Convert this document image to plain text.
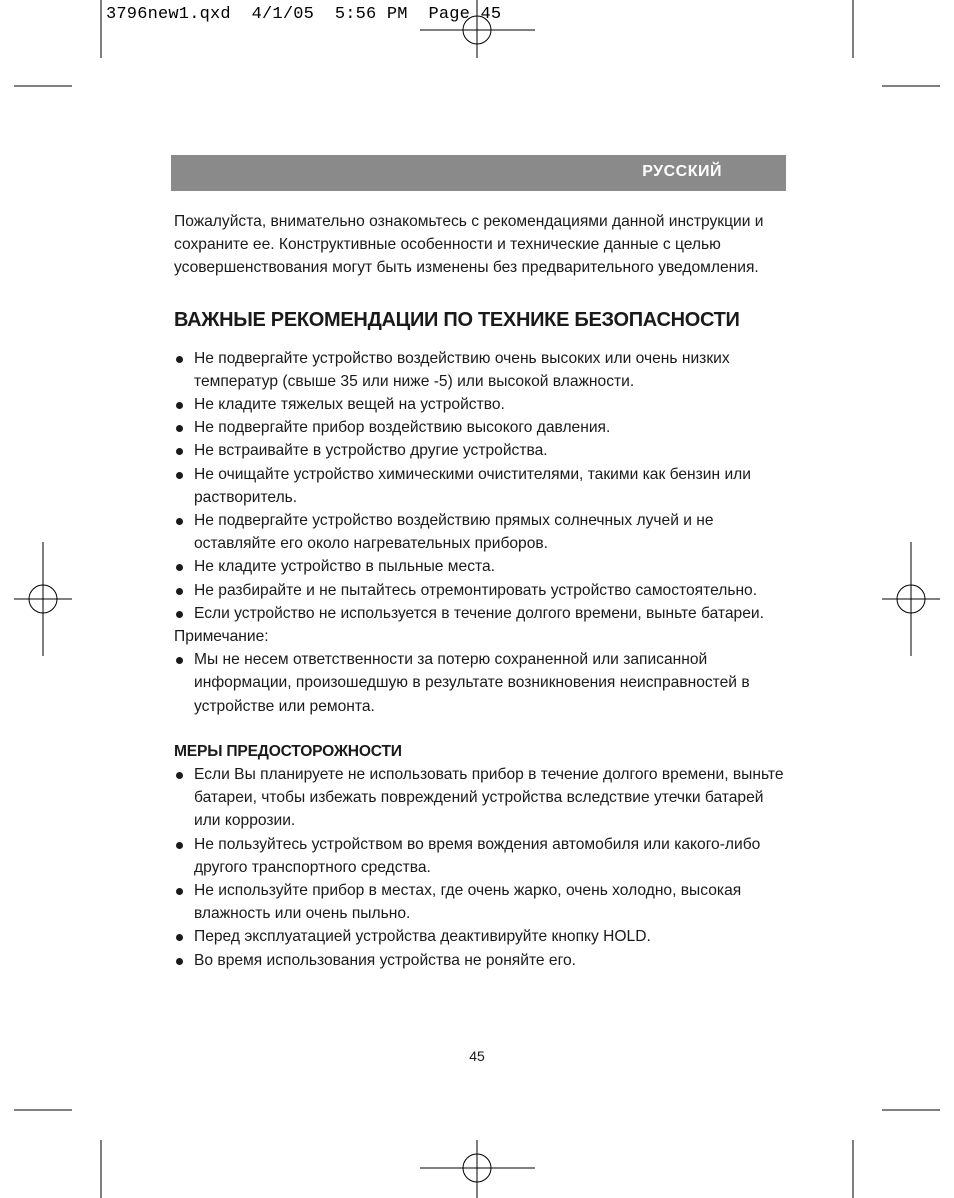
3796new1.qxd  4/1/05  5:56 PM  Page 45
РУССКИЙ

Пожалуйста, внимательно ознакомьтесь с рекомендациями данной инструкции и сохраните ее. Конструктивные особенности и технические данные с целью усовершенствования могут быть изменены без предварительного уведомления.

ВАЖНЫЕ РЕКОМЕНДАЦИИ ПО ТЕХНИКЕ БЕЗОПАСНОСТИ
Не подвергайте устройство воздействию очень высоких или очень низких температур (свыше 35 или ниже -5) или высокой влажности.
Не кладите тяжелых вещей на устройство.
Не подвергайте прибор воздействию высокого давления.
Не встраивайте в устройство другие устройства.
Не очищайте устройство химическими очистителями, такими как бензин или растворитель.
Не подвергайте устройство воздействию прямых солнечных лучей и не оставляйте его около нагревательных приборов.
Не кладите устройство в пыльные места.
Не разбирайте и не пытайтесь отремонтировать устройство самостоятельно.
Если устройство не используется в течение долгого времени, выньте батареи.

Примечание:

Мы не несем ответственности за потерю сохраненной или записанной информации, произошедшую в результате возникновения неисправностей в устройстве или ремонта.
МЕРЫ ПРЕДОСТОРОЖНОСТИ
Если Вы планируете не использовать прибор в течение долгого времени, выньте батареи, чтобы избежать повреждений устройства вследствие утечки батарей или коррозии.
Не пользуйтесь устройством во время вождения автомобиля или какого-либо другого транспортного средства.
Не используйте прибор в местах, где очень жарко, очень холодно, высокая влажность или очень пыльно.
Перед эксплуатацией устройства деактивируйте кнопку HOLD.
Во время использования устройства не роняйте его.
45
